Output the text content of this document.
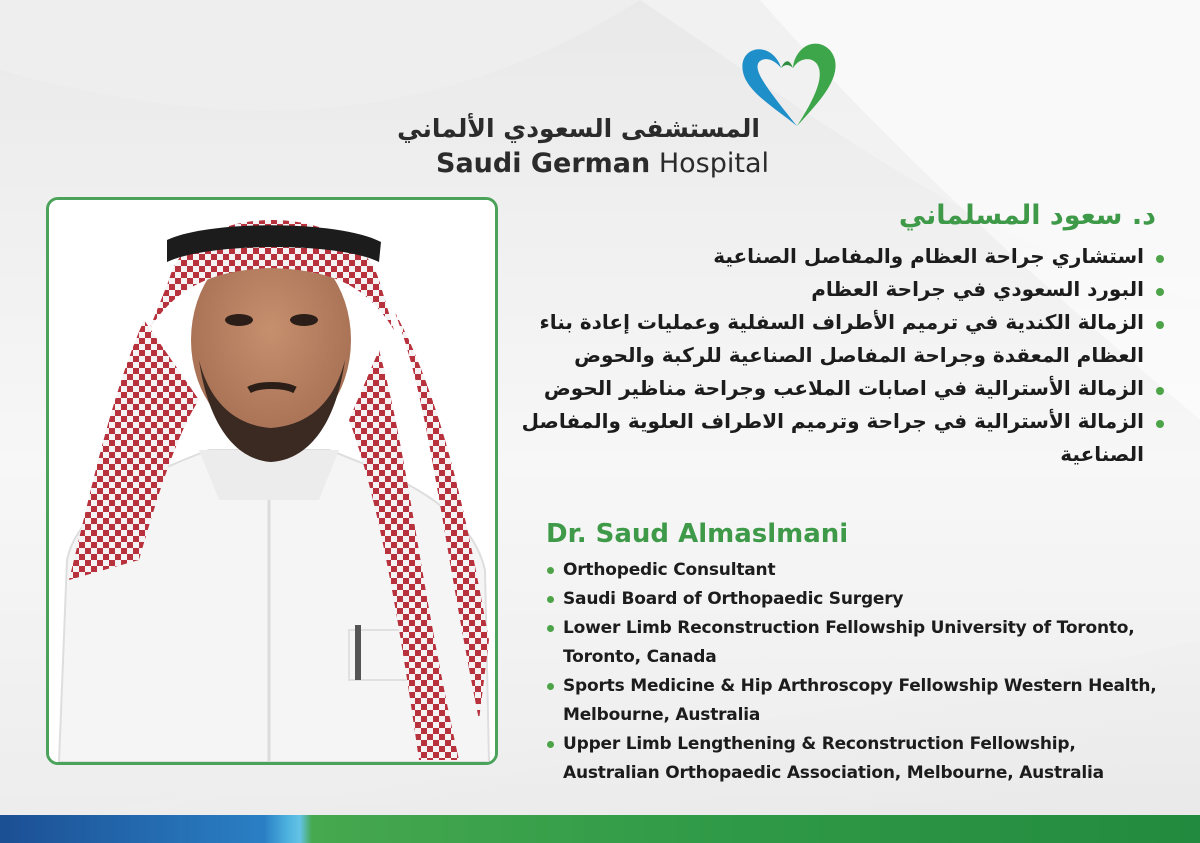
المستشفى السعودي الألماني
Saudi German Hospital
د. سعود المسلماني
استشاري جراحة العظام والمفاصل الصناعية
البورد السعودي في جراحة العظام
الزمالة الكندية في ترميم الأطراف السفلية وعمليات إعادة بناء العظام المعقدة وجراحة المفاصل الصناعية للركبة والحوض
الزمالة الأسترالية في اصابات الملاعب وجراحة مناظير الحوض
الزمالة الأسترالية في جراحة وترميم الاطراف العلوية والمفاصل الصناعية
Dr. Saud Almaslmani
Orthopedic Consultant
Saudi Board of Orthopaedic Surgery
Lower Limb Reconstruction Fellowship University of Toronto, Toronto, Canada
Sports Medicine & Hip Arthroscopy Fellowship Western Health, Melbourne, Australia
Upper Limb Lengthening & Reconstruction Fellowship, Australian Orthopaedic Association, Melbourne, Australia
